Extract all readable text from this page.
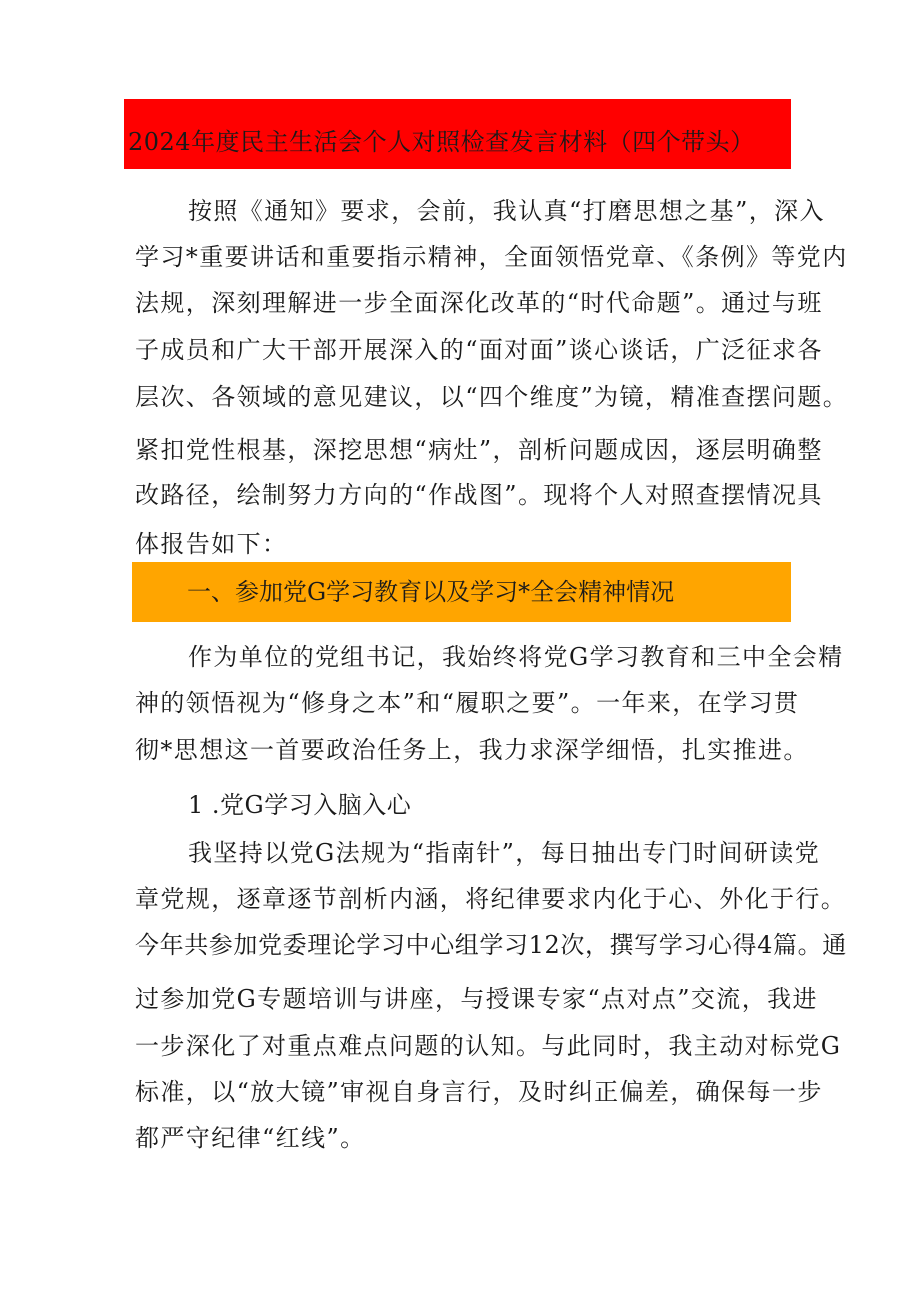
2024年度民主生活会个人对照检查发言材料（四个带头）
按照《通知》要求，会前，我认真“打磨思想之基”，深入
学习*重要讲话和重要指示精神，全面领悟党章、《条例》等党内
法规，深刻理解进一步全面深化改革的“时代命题”。通过与班
子成员和广大干部开展深入的“面对面”谈心谈话，广泛征求各
层次、各领域的意见建议，以“四个维度”为镜，精准查摆问题。
紧扣党性根基，深挖思想“病灶”，剖析问题成因，逐层明确整
改路径，绘制努力方向的“作战图”。现将个人对照查摆情况具
体报告如下：
一、参加党G学习教育以及学习*全会精神情况
作为单位的党组书记，我始终将党G学习教育和三中全会精
神的领悟视为“修身之本”和“履职之要”。一年来，在学习贯
彻*思想这一首要政治任务上，我力求深学细悟，扎实推进。
1 .党G学习入脑入心
我坚持以党G法规为“指南针”，每日抽出专门时间研读党
章党规，逐章逐节剖析内涵，将纪律要求内化于心、外化于行。
今年共参加党委理论学习中心组学习12次，撰写学习心得4篇。通
过参加党G专题培训与讲座，与授课专家“点对点”交流，我进
一步深化了对重点难点问题的认知。与此同时，我主动对标党G
标准，以“放大镜”审视自身言行，及时纠正偏差，确保每一步
都严守纪律“红线”。
